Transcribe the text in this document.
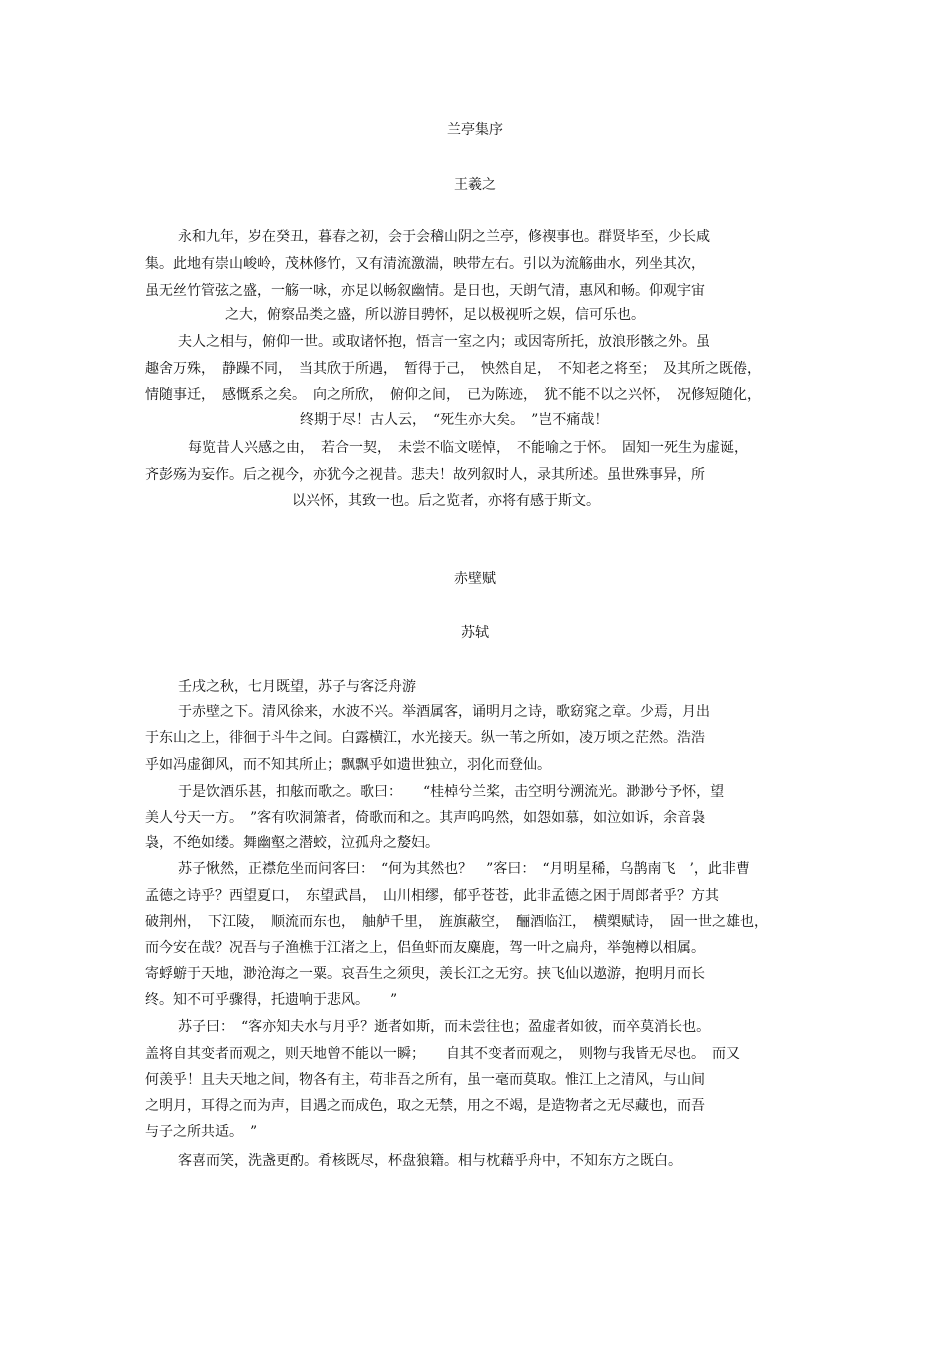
兰亭集序
王羲之
永和九年，岁在癸丑，暮春之初，会于会稽山阴之兰亭，修禊事也。群贤毕至，少长咸
集。此地有崇山峻岭，茂林修竹，又有清流激湍，映带左右。引以为流觞曲水，列坐其次，
虽无丝竹管弦之盛，一觞一咏，亦足以畅叙幽情。是日也，天朗气清，惠风和畅。仰观宇宙
之大，俯察品类之盛，所以游目骋怀，足以极视听之娱，信可乐也。
夫人之相与，俯仰一世。或取诸怀抱，悟言一室之内；或因寄所托，放浪形骸之外。虽
趣舍万殊，　静躁不同，　当其欣于所遇，　暂得于己，　怏然自足，　不知老之将至；　及其所之既倦，
情随事迁，　感慨系之矣。　向之所欣，　俯仰之间，　已为陈迹，　犹不能不以之兴怀，　况修短随化，
终期于尽！古人云，　“死生亦大矣。　”岂不痛哉！
每览昔人兴感之由，　若合一契，　未尝不临文嗟悼，　不能喻之于怀。　固知一死生为虚诞，
齐彭殇为妄作。后之视今，亦犹今之视昔。悲夫！故列叙时人，录其所述。虽世殊事异，所
以兴怀，其致一也。后之览者，亦将有感于斯文。
赤壁赋
苏轼
壬戌之秋，七月既望，苏子与客泛舟游
于赤壁之下。清风徐来，水波不兴。举酒属客，诵明月之诗，歌窈窕之章。少焉，月出
于东山之上，徘徊于斗牛之间。白露横江，水光接天。纵一苇之所如，凌万顷之茫然。浩浩
乎如冯虚御风，而不知其所止；飘飘乎如遗世独立，羽化而登仙。
于是饮酒乐甚，扣舷而歌之。歌曰：　　“桂棹兮兰桨，击空明兮溯流光。渺渺兮予怀，望
美人兮天一方。　”客有吹洞箫者，倚歌而和之。其声呜呜然，如怨如慕，如泣如诉，余音袅
袅，不绝如缕。舞幽壑之潜蛟，泣孤舟之嫠妇。
苏子愀然，正襟危坐而问客曰：　“何为其然也？　”客曰：　“月明星稀，乌鹊南飞　’，此非曹
孟德之诗乎？西望夏口，　东望武昌，　山川相缪，郁乎苍苍，此非孟德之困于周郎者乎？方其
破荆州，　下江陵，　顺流而东也，　舳舻千里，　旌旗蔽空，　酾酒临江，　横槊赋诗，　固一世之雄也，
而今安在哉？况吾与子渔樵于江渚之上，侣鱼虾而友麋鹿，驾一叶之扁舟，举匏樽以相属。
寄蜉蝣于天地，渺沧海之一粟。哀吾生之须臾，羡长江之无穷。挟飞仙以遨游，抱明月而长
终。知不可乎骤得，托遗响于悲风。　　”
苏子曰：　“客亦知夫水与月乎？逝者如斯，而未尝往也；盈虚者如彼，而卒莫消长也。
盖将自其变者而观之，则天地曾不能以一瞬；　　自其不变者而观之，　则物与我皆无尽也。　而又
何羡乎！且夫天地之间，物各有主，苟非吾之所有，虽一毫而莫取。惟江上之清风，与山间
之明月，耳得之而为声，目遇之而成色，取之无禁，用之不竭，是造物者之无尽藏也，而吾
与子之所共适。　”
客喜而笑，洗盏更酌。肴核既尽，杯盘狼籍。相与枕藉乎舟中，不知东方之既白。
